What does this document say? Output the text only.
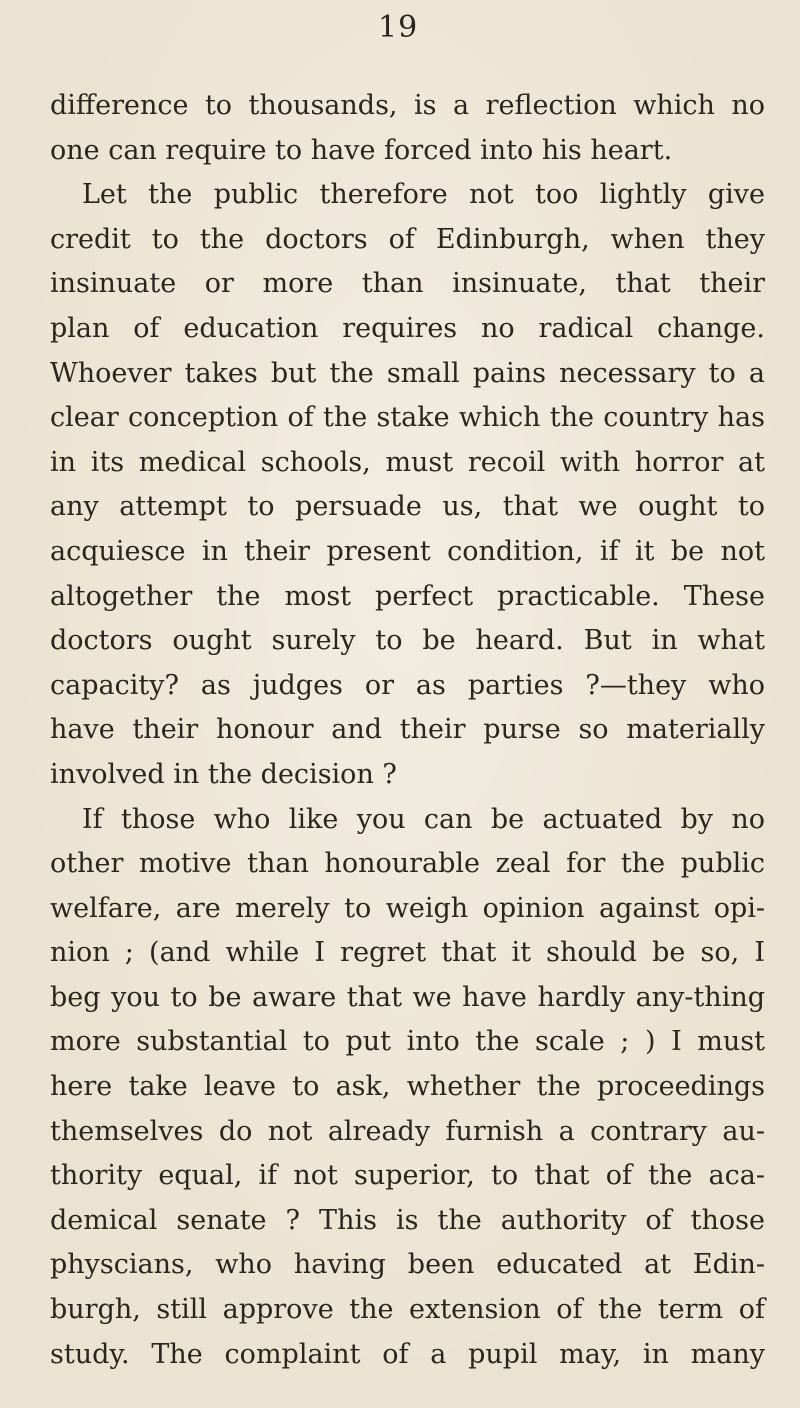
19
difference to thousands, is a reflection which no
one can require to have forced into his heart.
Let the public therefore not too lightly give
credit to the doctors of Edinburgh, when they
insinuate or more than insinuate, that their
plan of education requires no radical change.
Whoever takes but the small pains necessary to a
clear conception of the stake which the country has
in its medical schools, must recoil with horror at
any attempt to persuade us, that we ought to
acquiesce in their present condition, if it be not
altogether the most perfect practicable. These
doctors ought surely to be heard. But in what
capacity? as judges or as parties ?—they who
have their honour and their purse so materially
involved in the decision ?
If those who like you can be actuated by no
other motive than honourable zeal for the public
welfare, are merely to weigh opinion against opi-
nion ; (and while I regret that it should be so, I
beg you to be aware that we have hardly any-thing
more substantial to put into the scale ; ) I must
here take leave to ask, whether the proceedings
themselves do not already furnish a contrary au-
thority equal, if not superior, to that of the aca-
demical senate ? This is the authority of those
physcians, who having been educated at Edin-
burgh, still approve the extension of the term of
study. The complaint of a pupil may, in many
